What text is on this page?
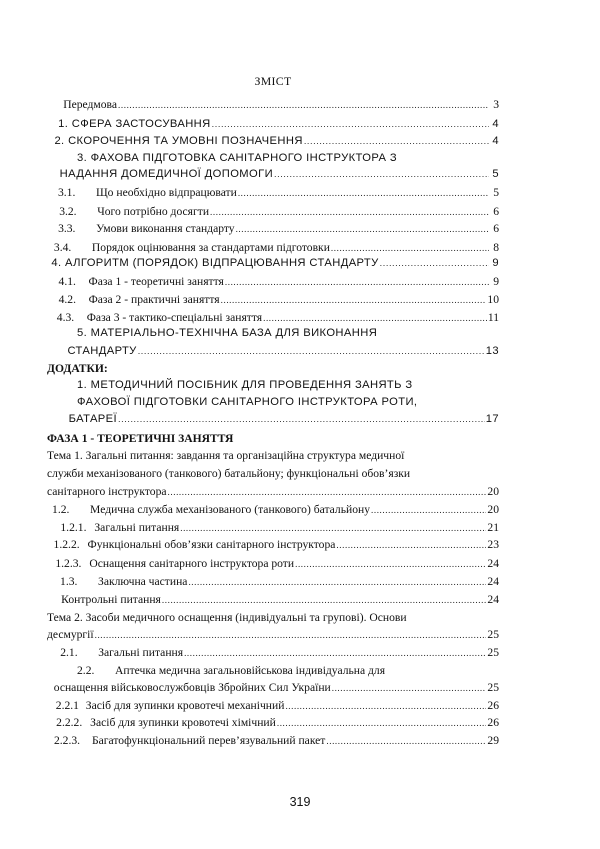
ЗМІСТ
Передмова .....	3
1. СФЕРА ЗАСТОСУВАННЯ .....	4
2. СКОРОЧЕННЯ ТА УМОВНІ ПОЗНАЧЕННЯ .....	4
3. ФАХОВА ПІДГОТОВКА САНІТАРНОГО ІНСТРУКТОРА З
НАДАННЯ ДОМЕДИЧНОЇ ДОПОМОГИ .....	5
3.1.	Що необхідно відпрацювати .....	5
3.2.	Чого потрібно досягти .....	6
3.3.	Умови виконання стандарту .....	6
3.4.	Порядок оцінювання за стандартами підготовки .....	8
4. АЛГОРИТМ (ПОРЯДОК) ВІДПРАЦЮВАННЯ СТАНДАРТУ .....	9
4.1.	Фаза 1 - теоретичні заняття .....	9
4.2.	Фаза 2 - практичні заняття .....	10
4.3.	Фаза 3 - тактико-спеціальні заняття .....	11
5. МАТЕРІАЛЬНО-ТЕХНІЧНА БАЗА ДЛЯ ВИКОНАННЯ
СТАНДАРТУ .....	13
ДОДАТКИ:
1. МЕТОДИЧНИЙ ПОСІБНИК ДЛЯ ПРОВЕДЕННЯ ЗАНЯТЬ З
ФАХОВОЇ ПІДГОТОВКИ САНІТАРНОГО ІНСТРУКТОРА РОТИ,
БАТАРЕЇ .....	17
ФАЗА 1 - ТЕОРЕТИЧНІ ЗАНЯТТЯ
Тема 1. Загальні питання: завдання та організаційна структура медичної
служби механізованого (танкового) батальйону; функціональні обов’язки
санітарного інструктора .....	20
1.2.	Медична служба механізованого (танкового) батальйону .....	20
1.2.1. Загальні питання .....	21
1.2.2. Функціональні обов’язки санітарного інструктора .....	23
1.2.3. Оснащення санітарного інструктора роти .....	24
1.3.	Заключна частина .....	24
Контрольні питання .....	24
Тема 2. Засоби медичного оснащення (індивідуальні та групові). Основи
десмургії .....	25
2.1.	Загальні питання .....	25
2.2. Аптечка медична загальновійськова індивідуальна для
оснащення військовослужбовців Збройних Сил України .....	25
2.2.1 Засіб для зупинки кровотечі механічний .....	26
2.2.2. Засіб для зупинки кровотечі хімічний .....	26
2.2.3.	Багатофункціональний перев’язувальний пакет .....	29
319
